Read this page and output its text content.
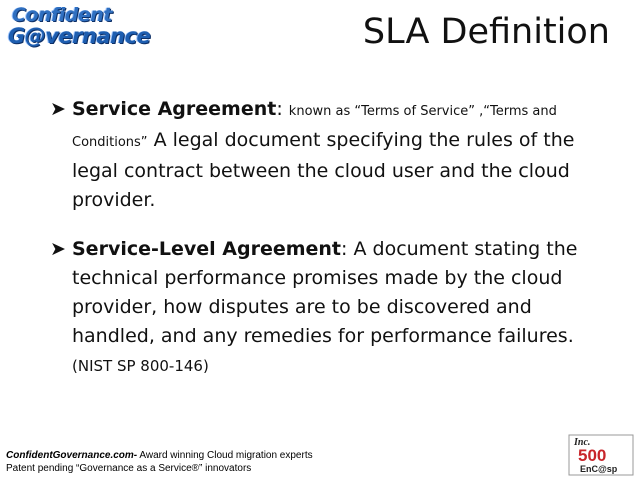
Confident
G@vernance	SLA Definition
➤ Service Agreement: known as “Terms of Service” ,“Terms and Conditions” A legal document specifying the rules of the legal contract between the cloud user and the cloud provider.
➤ Service-Level Agreement: A document stating the technical performance promises made by the cloud provider, how disputes are to be discovered and handled, and any remedies for performance failures.
(NIST SP 800-146)
ConfidentGovernance.com- Award winning Cloud migration experts
Patent pending “Governance as a Service®” innovators
Inc.
500
EnC@sp
